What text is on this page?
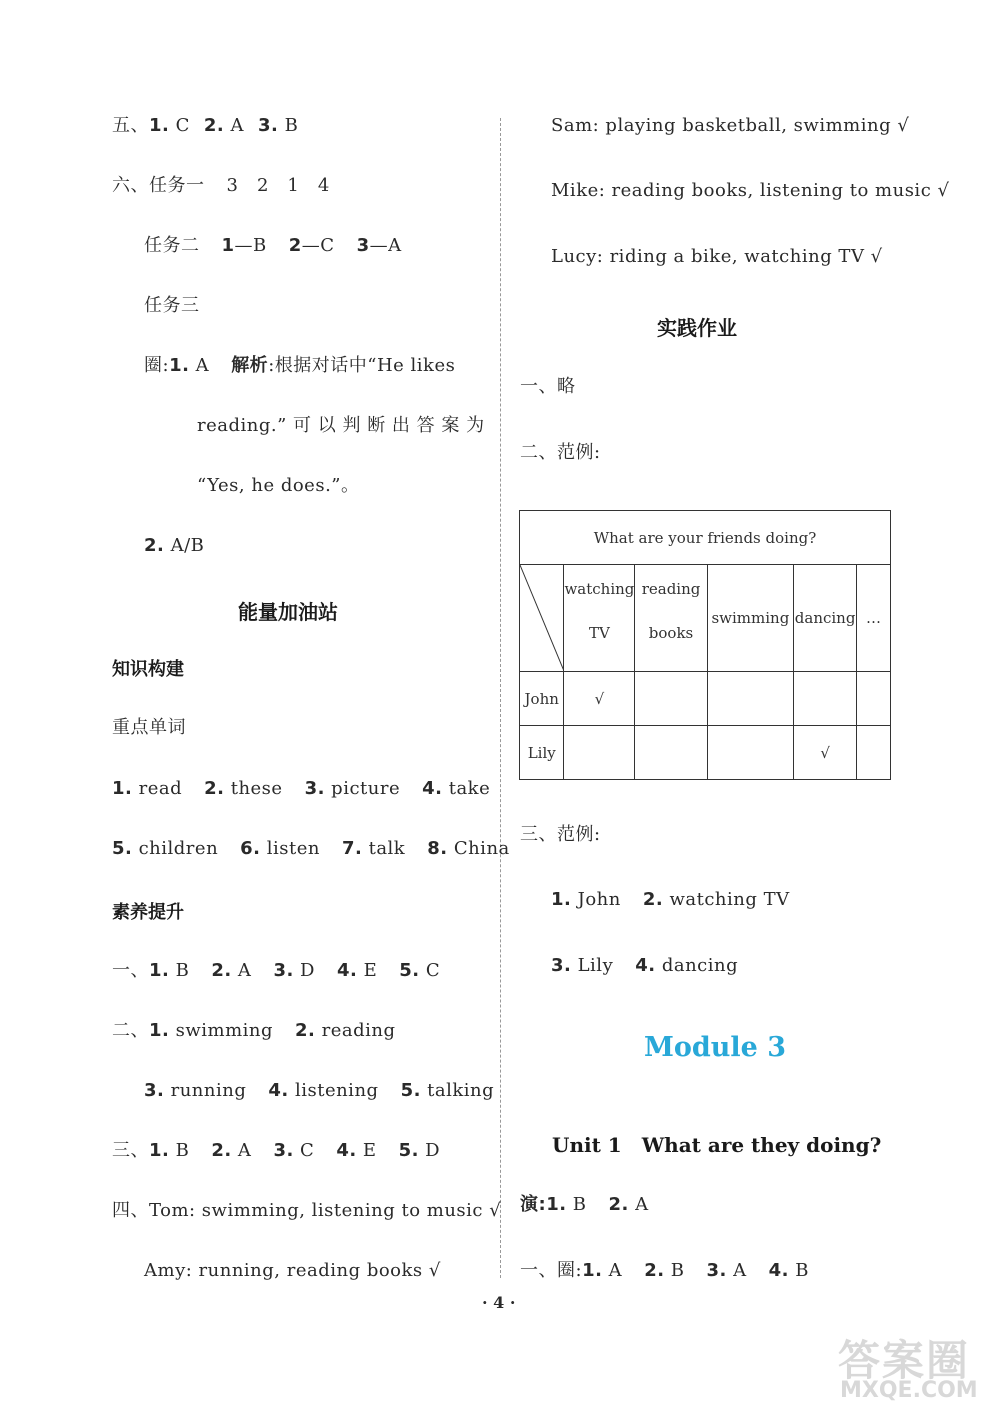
五、1. C 2. A 3. B
六、任务一 3　2　1　4
任务二 1—B 2—C 3—A
任务三
圈:1. A 解析:根据对话中“He likes
reading.” 可 以 判 断 出 答 案 为
“Yes, he does.”。
2. A/B
能量加油站
知识构建
重点单词
1. read 2. these 3. picture 4. take
5. children 6. listen 7. talk 8. China
素养提升
一、1. B 2. A 3. D 4. E 5. C
二、1. swimming 2. reading
3. running 4. listening 5. talking
三、1. B 2. A 3. C 4. E 5. D
四、Tom: swimming, listening to music √
Amy: running, reading books √
Sam: playing basketball, swimming √
Mike: reading books, listening to music √
Lucy: riding a bike, watching TV √
实践作业
一、略
二、范例:
What are your friends doing?					

watching TV	reading books	swimming	dancing	…
John	√				
Lily				√	
三、范例:
1. John 2. watching TV
3. Lily 4. dancing
Module 3
Unit 1　What are they doing?
演:1. B 2. A
一、圈:1. A 2. B 3. A 4. B
· 4 ·
答案圈
MXQE.COM
